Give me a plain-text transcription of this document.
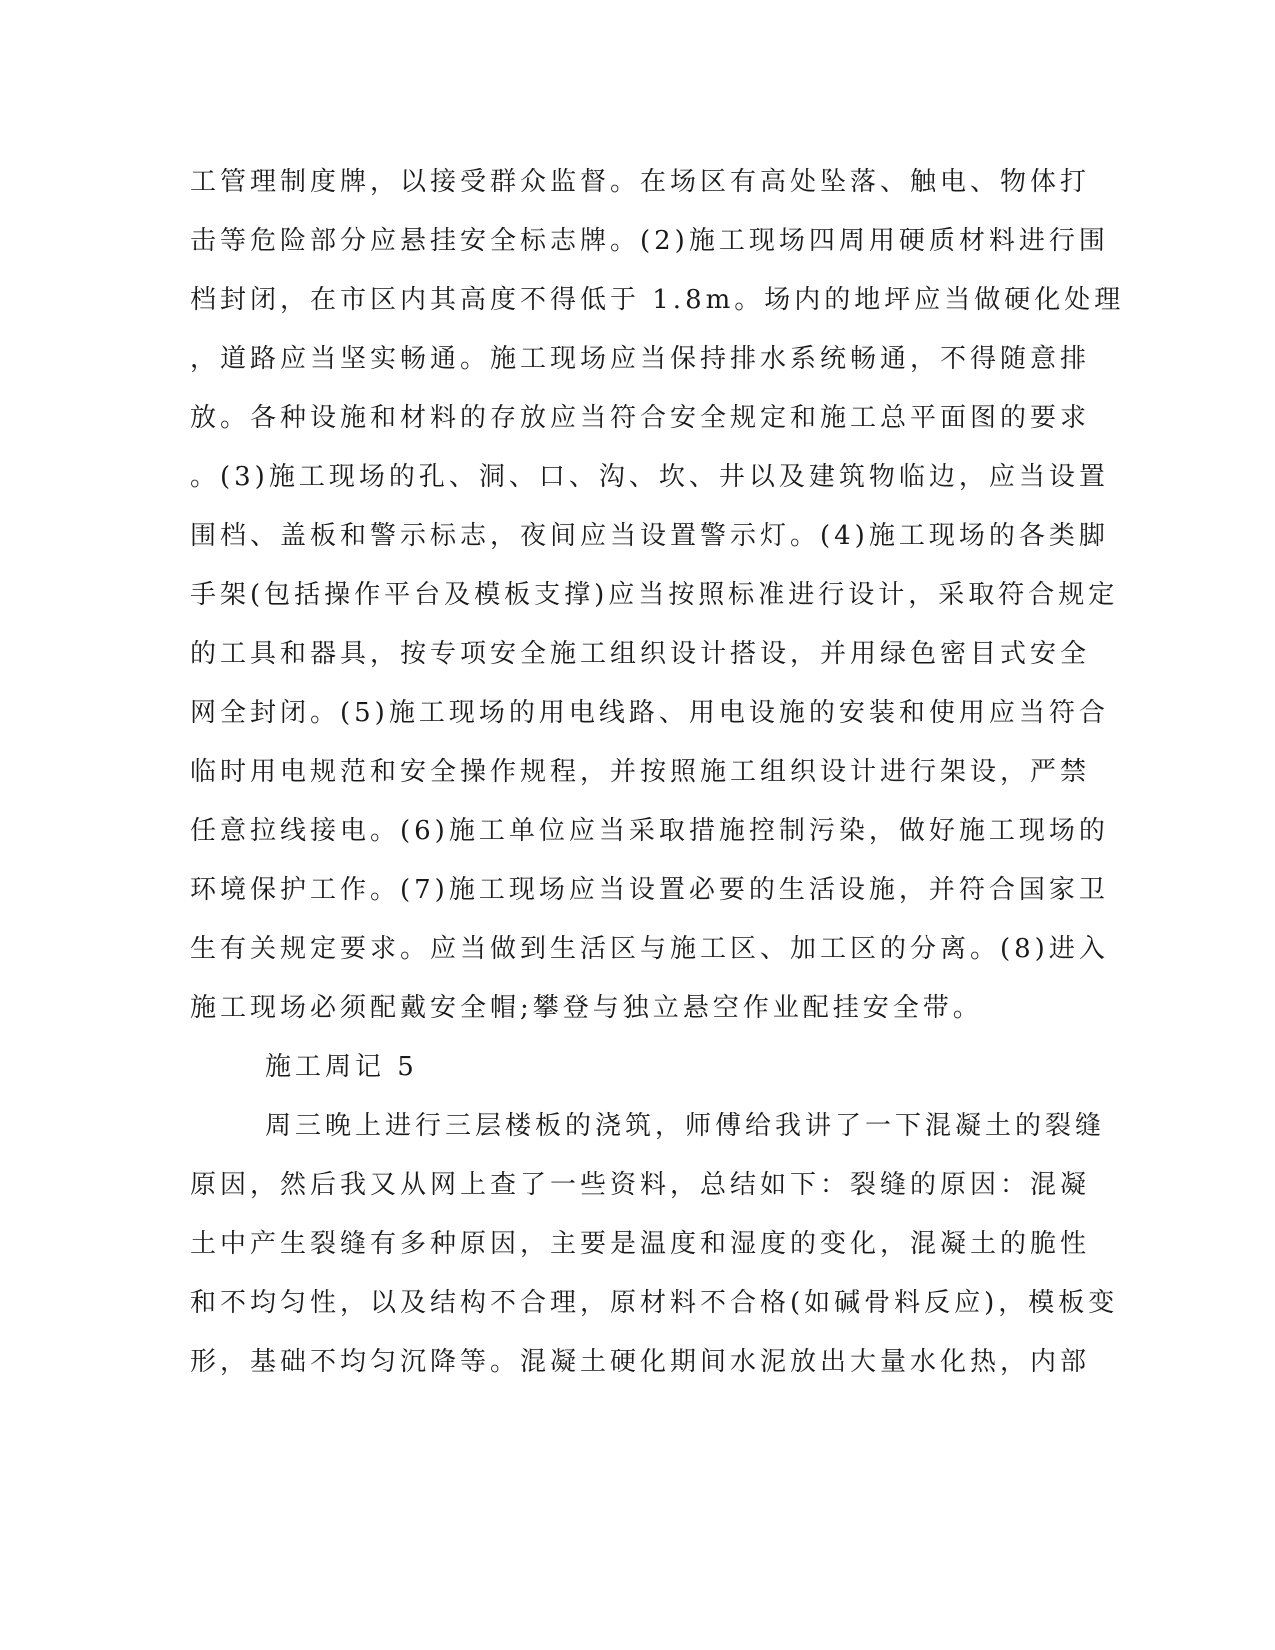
工管理制度牌，以接受群众监督。在场区有高处坠落、触电、物体打
击等危险部分应悬挂安全标志牌。(2)施工现场四周用硬质材料进行围
档封闭，在市区内其高度不得低于 1.8m。场内的地坪应当做硬化处理
，道路应当坚实畅通。施工现场应当保持排水系统畅通，不得随意排
放。各种设施和材料的存放应当符合安全规定和施工总平面图的要求
。(3)施工现场的孔、洞、口、沟、坎、井以及建筑物临边，应当设置
围档、盖板和警示标志，夜间应当设置警示灯。(4)施工现场的各类脚
手架(包括操作平台及模板支撑)应当按照标准进行设计，采取符合规定
的工具和器具，按专项安全施工组织设计搭设，并用绿色密目式安全
网全封闭。(5)施工现场的用电线路、用电设施的安装和使用应当符合
临时用电规范和安全操作规程，并按照施工组织设计进行架设，严禁
任意拉线接电。(6)施工单位应当采取措施控制污染，做好施工现场的
环境保护工作。(7)施工现场应当设置必要的生活设施，并符合国家卫
生有关规定要求。应当做到生活区与施工区、加工区的分离。(8)进入
施工现场必须配戴安全帽;攀登与独立悬空作业配挂安全带。
施工周记 5
周三晚上进行三层楼板的浇筑，师傅给我讲了一下混凝土的裂缝
原因，然后我又从网上查了一些资料，总结如下：裂缝的原因：混凝
土中产生裂缝有多种原因，主要是温度和湿度的变化，混凝土的脆性
和不均匀性，以及结构不合理，原材料不合格(如碱骨料反应)，模板变
形，基础不均匀沉降等。混凝土硬化期间水泥放出大量水化热，内部
